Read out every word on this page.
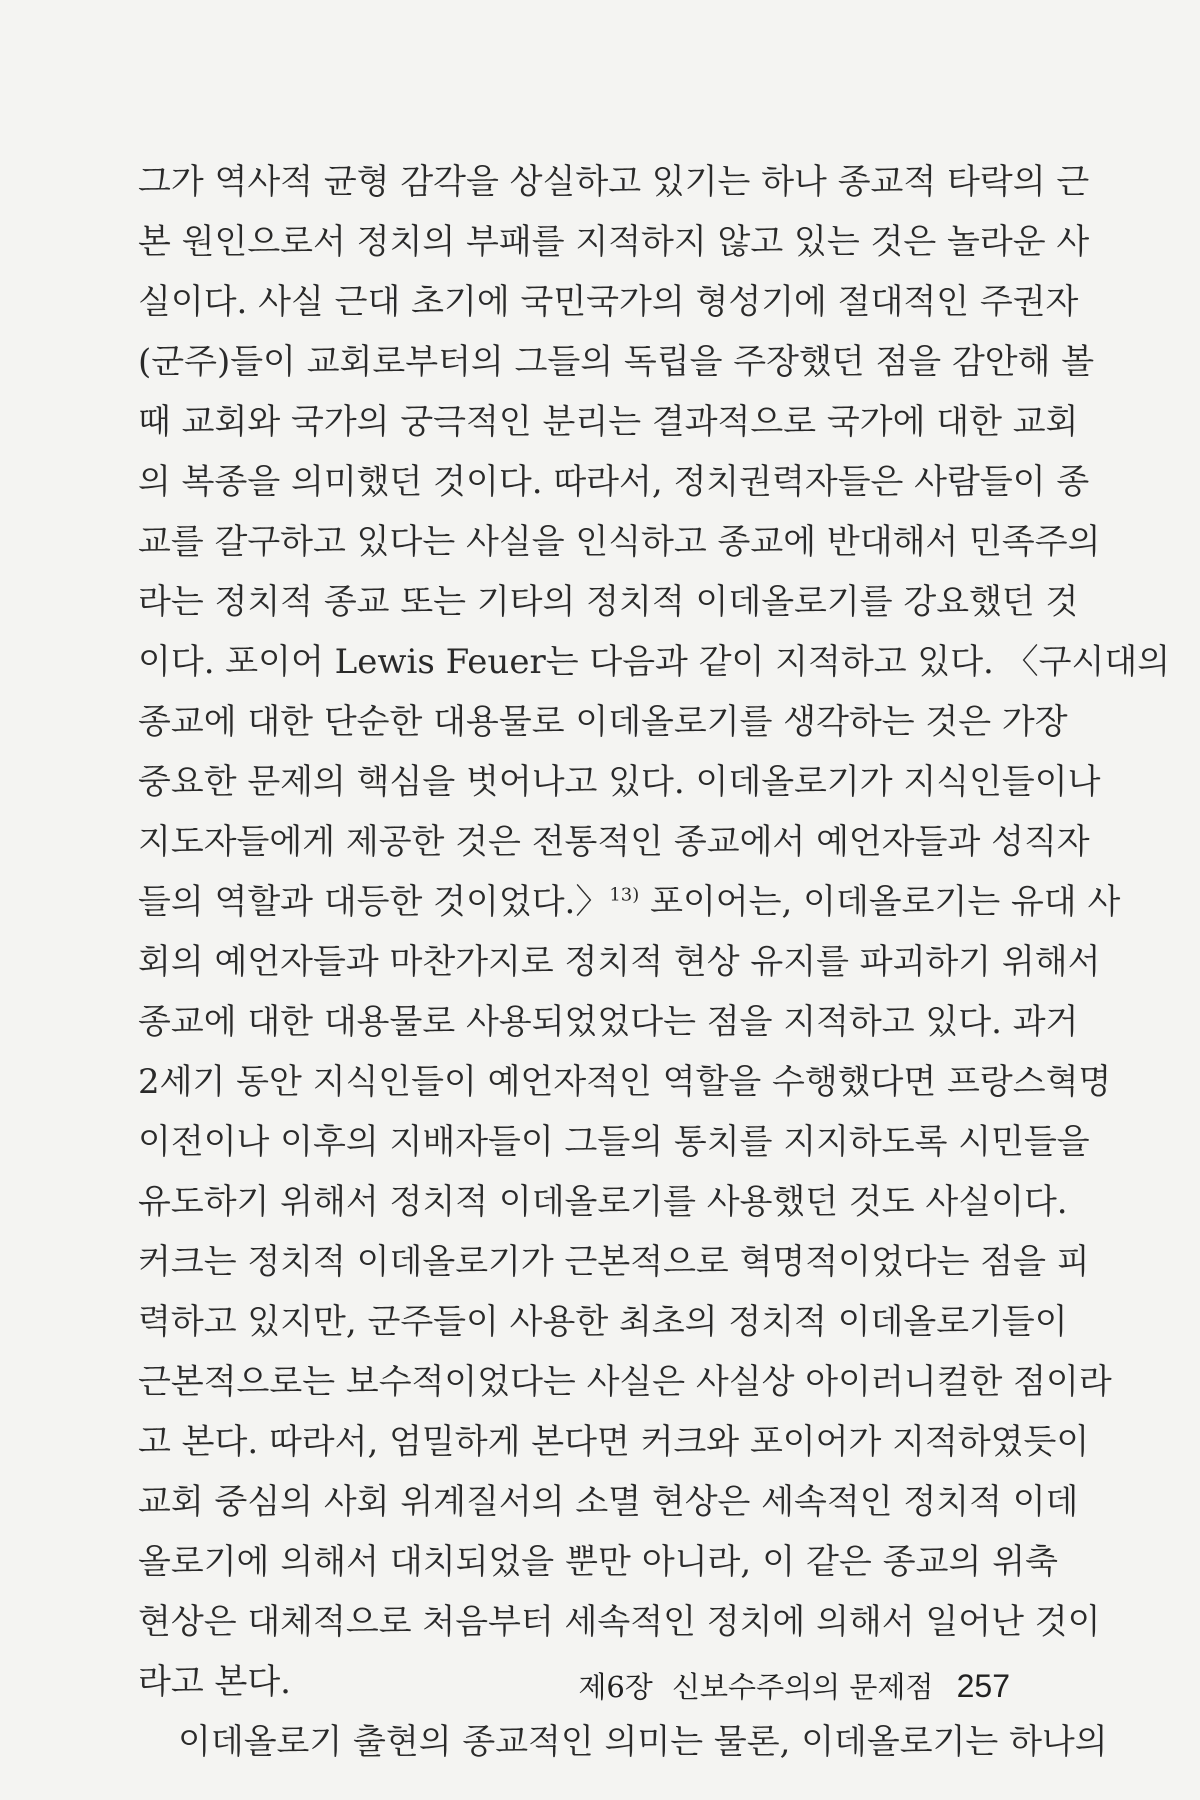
그가 역사적 균형 감각을 상실하고 있기는 하나 종교적 타락의 근
본 원인으로서 정치의 부패를 지적하지 않고 있는 것은 놀라운 사
실이다. 사실 근대 초기에 국민국가의 형성기에 절대적인 주권자
(군주)들이 교회로부터의 그들의 독립을 주장했던 점을 감안해 볼
때 교회와 국가의 궁극적인 분리는 결과적으로 국가에 대한 교회
의 복종을 의미했던 것이다. 따라서, 정치권력자들은 사람들이 종
교를 갈구하고 있다는 사실을 인식하고 종교에 반대해서 민족주의
라는 정치적 종교 또는 기타의 정치적 이데올로기를 강요했던 것
이다. 포이어 Lewis Feuer는 다음과 같이 지적하고 있다. 〈구시대의
종교에 대한 단순한 대용물로 이데올로기를 생각하는 것은 가장
중요한 문제의 핵심을 벗어나고 있다. 이데올로기가 지식인들이나
지도자들에게 제공한 것은 전통적인 종교에서 예언자들과 성직자
들의 역할과 대등한 것이었다.〉$^{13)}$ 포이어는, 이데올로기는 유대 사
회의 예언자들과 마찬가지로 정치적 현상 유지를 파괴하기 위해서
종교에 대한 대용물로 사용되었었다는 점을 지적하고 있다. 과거
2세기 동안 지식인들이 예언자적인 역할을 수행했다면 프랑스혁명
이전이나 이후의 지배자들이 그들의 통치를 지지하도록 시민들을
유도하기 위해서 정치적 이데올로기를 사용했던 것도 사실이다.
커크는 정치적 이데올로기가 근본적으로 혁명적이었다는 점을 피
력하고 있지만, 군주들이 사용한 최초의 정치적 이데올로기들이
근본적으로는 보수적이었다는 사실은 사실상 아이러니컬한 점이라
고 본다. 따라서, 엄밀하게 본다면 커크와 포이어가 지적하였듯이
교회 중심의 사회 위계질서의 소멸 현상은 세속적인 정치적 이데
올로기에 의해서 대치되었을 뿐만 아니라, 이 같은 종교의 위축
현상은 대체적으로 처음부터 세속적인 정치에 의해서 일어난 것이
라고 본다.
이데올로기 출현의 종교적인 의미는 물론, 이데올로기는 하나의
제6장 신보수주의의 문제점 257
